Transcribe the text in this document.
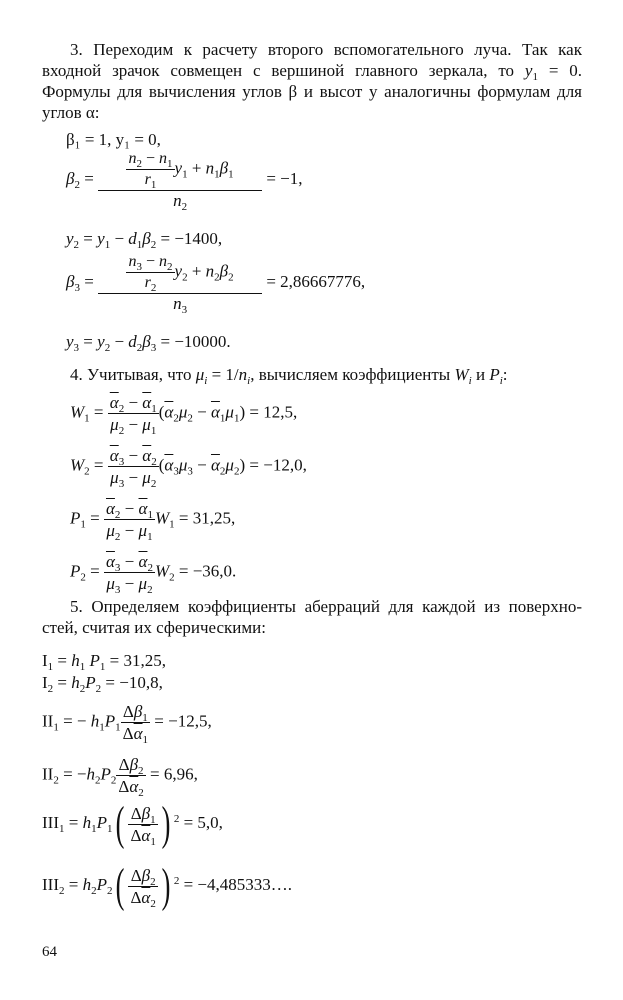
3. Переходим к расчету второго вспомогательного луча. Так как
входной зрачок совмещен с вершиной главного зеркала, то $y_1 = 0$.
Формулы для вычисления углов β и высот y аналогичны формулам для
углов α:
β₁ = 1, y₁ = 0,
$\beta_2 = \frac{\frac{n_2 - n_1}{r_1} y_1 + n_1\beta_1}{n_2} = -1$,
$y_2 = y_1 - d_1\beta_2 = -1400$,
$\beta_3 = \frac{\frac{n_3 - n_2}{r_2} y_2 + n_2\beta_2}{n_3} = 2,86667776$,
$y_3 = y_2 - d_2\beta_3 = -10000$.
4. Учитывая, что $\mu_i = 1/n_i$, вычисляем коэффициенты $W_i$ и $P_i$:
$W_1 = \frac{\overline{\alpha}_2 - \overline{\alpha}_1}{\mu_2 - \mu_1} (\overline{\alpha}_2\mu_2 - \overline{\alpha}_1\mu_1) = 12,5$,
$W_2 = \frac{\overline{\alpha}_3 - \overline{\alpha}_2}{\mu_3 - \mu_2} (\overline{\alpha}_3\mu_3 - \overline{\alpha}_2\mu_2) = -12,0$,
$P_1 = \frac{\overline{\alpha}_2 - \overline{\alpha}_1}{\mu_2 - \mu_1} W_1 = 31,25$,
$P_2 = \frac{\overline{\alpha}_3 - \overline{\alpha}_2}{\mu_3 - \mu_2} W_2 = -36,0$.
5. Определяем коэффициенты аберраций для каждой из поверхно-
стей, считая их сферическими:
$I_1 = h_1$ $P_1 = 31,25$,
$I_2 = h_2P_2 = -10,8$,
$II_1$ = − $h_1P_1 \frac{\Delta\beta_1}{\Delta\overline{\alpha}_1} = -12,5$,
$II_2 = -h_2P_2 \frac{\Delta\beta_2}{\Delta\overline{\alpha}_2} = 6,96$,
$III_1 = h_1P_1( \frac{\Delta\beta_1}{\Delta\overline{\alpha}_1}$ ) $^2$ = 5,0,
$III_2 = h_2P_2( \frac{\Delta\beta_2}{\Delta\overline{\alpha}_2}$ ) $^2$ = −4,485333….
64
